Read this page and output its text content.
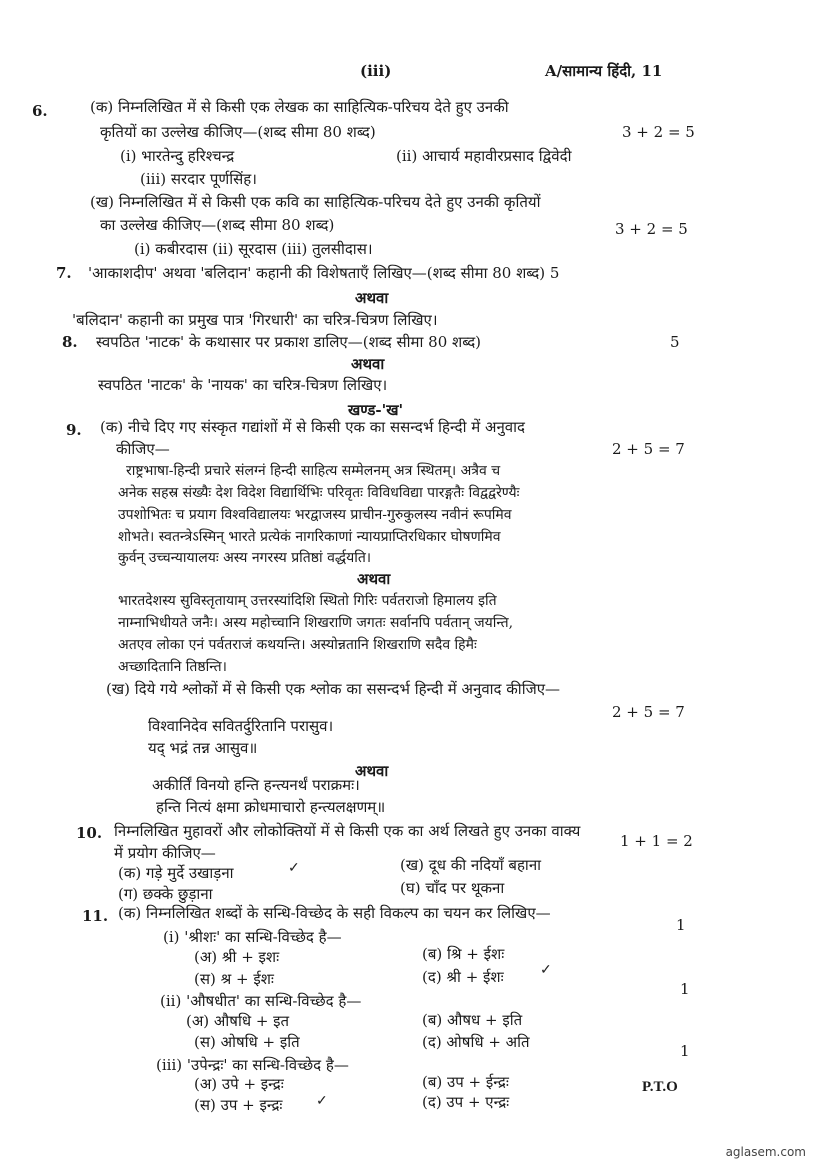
(iii)	A/सामान्य हिंदी, 11
6.	(क) निम्नलिखित में से किसी एक लेखक का साहित्यिक-परिचय देते हुए उनकी
कृतियों का उल्लेख कीजिए—(शब्द सीमा 80 शब्द)	3 + 2 = 5
(i) भारतेन्दु हरिश्चन्द्र	(ii) आचार्य महावीरप्रसाद द्विवेदी
(iii) सरदार पूर्णसिंह।
(ख) निम्नलिखित में से किसी एक कवि का साहित्यिक-परिचय देते हुए उनकी कृतियों
का उल्लेख कीजिए—(शब्द सीमा 80 शब्द)	3 + 2 = 5
(i) कबीरदास (ii) सूरदास (iii) तुलसीदास।
7. 'आकाशदीप' अथवा 'बलिदान' कहानी की विशेषताएँ लिखिए—(शब्द सीमा 80 शब्द) 5
अथवा
'बलिदान' कहानी का प्रमुख पात्र 'गिरधारी' का चरित्र-चित्रण लिखिए।
8. स्वपठित 'नाटक' के कथासार पर प्रकाश डालिए—(शब्द सीमा 80 शब्द)	5
अथवा
स्वपठित 'नाटक' के 'नायक' का चरित्र-चित्रण लिखिए।
खण्ड-'ख'
9. (क) नीचे दिए गए संस्कृत गद्यांशों में से किसी एक का ससन्दर्भ हिन्दी में अनुवाद
कीजिए—	2 + 5 = 7
राष्ट्रभाषा-हिन्दी प्रचारे संलग्नं हिन्दी साहित्य सम्मेलनम् अत्र स्थितम्। अत्रैव च
अनेक सहस्र संख्यैः देश विदेश विद्यार्थिभिः परिवृतः विविधविद्या पारङ्गतैः विद्वद्वरेण्यैः
उपशोभितः च प्रयाग विश्वविद्यालयः भरद्वाजस्य प्राचीन-गुरुकुलस्य नवीनं रूपमिव
शोभते। स्वतन्त्रेऽस्मिन् भारते प्रत्येकं नागरिकाणां न्यायप्राप्तिरधिकार घोषणमिव
कुर्वन् उच्चन्यायालयः अस्य नगरस्य प्रतिष्ठां वर्द्धयति।
अथवा
भारतदेशस्य सुविस्तृतायाम् उत्तरस्यांदिशि स्थितो गिरिः पर्वतराजो हिमालय इति
नाम्नाभिधीयते जनैः। अस्य महोच्चानि शिखराणि जगतः सर्वानपि पर्वतान् जयन्ति,
अतएव लोका एनं पर्वतराजं कथयन्ति। अस्योन्नतानि शिखराणि सदैव हिमैः
अच्छादितानि तिष्ठन्ति।
(ख) दिये गये श्लोकों में से किसी एक श्लोक का ससन्दर्भ हिन्दी में अनुवाद कीजिए—
2 + 5 = 7
विश्वानिदेव सवितर्दुरितानि परासुव।
यद् भद्रं तन्न आसुव॥
अथवा
अकीर्तिं विनयो हन्ति हन्त्यनर्थं पराक्रमः।
हन्ति नित्यं क्षमा क्रोधमाचारो हन्त्यलक्षणम्॥
10. निम्नलिखित मुहावरों और लोकोक्तियों में से किसी एक का अर्थ लिखते हुए उनका वाक्य
में प्रयोग कीजिए—
1 + 1 = 2
(क) गड़े मुर्दे उखाड़ना	✓	(ख) दूध की नदियाँ बहाना
(ग) छक्के छुड़ाना	(घ) चाँद पर थूकना
11. (क) निम्नलिखित शब्दों के सन्धि-विच्छेद के सही विकल्प का चयन कर लिखिए—
(i) 'श्रीशः' का सन्धि-विच्छेद है—
1
(अ) श्री + इशः	(ब) श्रि + ईशः
(स) श्र + ईशः	(द) श्री + ईशः	✓
(ii) 'औषधीत' का सन्धि-विच्छेद है—
1
(अ) औषधि + इत	(ब) औषध + इति
(स) ओषधि + इति	(द) ओषधि + अति
(iii) 'उपेन्द्रः' का सन्धि-विच्छेद है—
1
(अ) उपे + इन्द्रः	(ब) उप + ईन्द्रः
(स) उप + इन्द्रः ✓	(द) उप + एन्द्रः
P.T.O
aglasem.com
